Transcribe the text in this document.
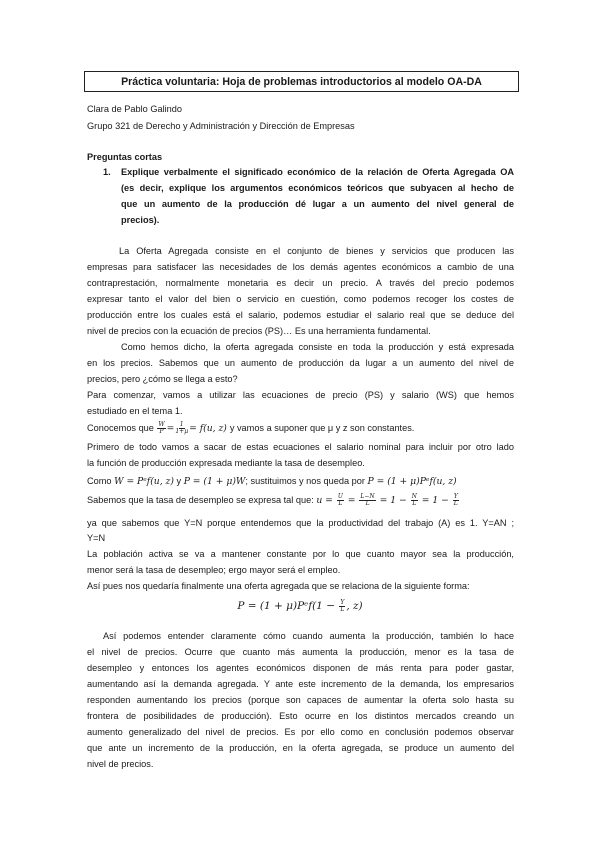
Práctica voluntaria: Hoja de problemas introductorios al modelo OA-DA
Clara de Pablo Galindo
Grupo 321 de Derecho y Administración y Dirección de Empresas
Preguntas cortas
1. Explique verbalmente el significado económico de la relación de Oferta Agregada OA
(es decir, explique los argumentos económicos teóricos que subyacen al hecho de
que un aumento de la producción dé lugar a un aumento del nivel general de
precios).
La Oferta Agregada consiste en el conjunto de bienes y servicios que producen las
empresas para satisfacer las necesidades de los demás agentes económicos a cambio de una
contraprestación, normalmente monetaria es decir un precio. A través del precio podemos
expresar tanto el valor del bien o servicio en cuestión, como podemos recoger los costes de
producción entre los cuales está el salario, podemos estudiar el salario real que se deduce del
nivel de precios con la ecuación de precios (PS)… Es una herramienta fundamental.
Como hemos dicho, la oferta agregada consiste en toda la producción y está expresada
en los precios. Sabemos que un aumento de producción da lugar a un aumento del nivel de
precios, pero ¿cómo se llega a esto?
Para comenzar, vamos a utilizar las ecuaciones de precio (PS) y salario (WS) que hemos
estudiado en el tema 1.
Conocemos que $\frac{W}{P} = \frac{1}{1+\mu} = f(u$, z) y vamos a suponer que μ y z son constantes.
Primero de todo vamos a sacar de estas ecuaciones el salario nominal para incluir por otro lado
la función de producción expresada mediante la tasa de desempleo.
Como W = Pᵉf(u, z) y P = (1 + μ)W; sustituimos y nos queda por P = (1 + μ)Pᵉf(u, z)
Sabemos que la tasa de desempleo se expresa tal que: $u = \frac{U}{L} = \frac{L-N}{L} = 1 - \frac{N}{L} = 1 - \frac{Y}{L}$
ya que sabemos que Y=N porque entendemos que la productividad del trabajo (A) es 1. Y=AN ;
Y=N
La población activa se va a mantener constante por lo que cuanto mayor sea la producción,
menor será la tasa de desempleo; ergo mayor será el empleo.
Así pues nos quedaría finalmente una oferta agregada que se relaciona de la siguiente forma:
P = (1 + μ)Pᵉf(1 − $\frac{Y}{L}$ , z)
Así podemos entender claramente cómo cuando aumenta la producción, también lo hace
el nivel de precios. Ocurre que cuanto más aumenta la producción, menor es la tasa de
desempleo y entonces los agentes económicos disponen de más renta para poder gastar,
aumentando así la demanda agregada. Y ante este incremento de la demanda, los empresarios
responden aumentando los precios (porque son capaces de aumentar la oferta solo hasta su
frontera de posibilidades de producción). Esto ocurre en los distintos mercados creando un
aumento generalizado del nivel de precios. Es por ello como en conclusión podemos observar
que ante un incremento de la producción, en la oferta agregada, se produce un aumento del
nivel de precios.
